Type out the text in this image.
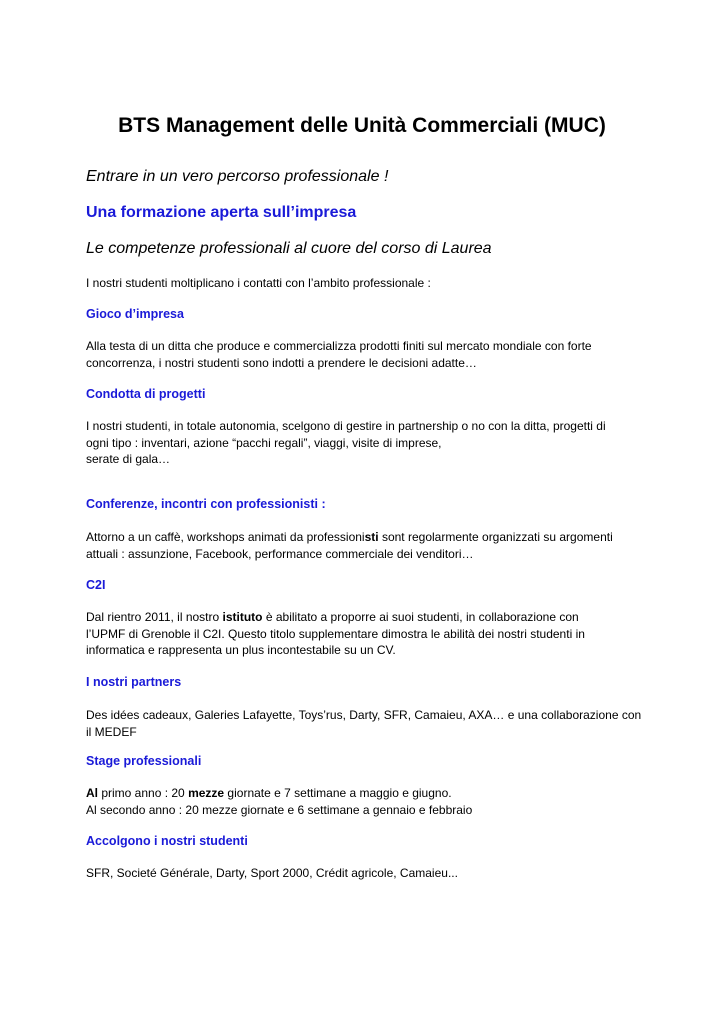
BTS Management delle Unità Commerciali (MUC)
Entrare in un vero percorso professionale !
Una formazione aperta sull’impresa
Le competenze professionali al cuore del corso di Laurea
I nostri studenti moltiplicano i contatti con l’ambito professionale :
Gioco d’impresa
Alla testa di un ditta che produce e commercializza prodotti finiti sul mercato mondiale con forte
concorrenza, i nostri studenti sono indotti a prendere le decisioni adatte…
Condotta di progetti
I nostri studenti, in totale autonomia, scelgono di gestire in partnership o no con la ditta, progetti di
ogni tipo : inventari, azione “pacchi regali”, viaggi, visite di imprese,
serate di gala…
Conferenze, incontri con professionisti :
Attorno a un caffè, workshops animati da professionisti sont regolarmente organizzati su argomenti
attuali : assunzione, Facebook, performance commerciale dei venditori…
C2I
Dal rientro 2011, il nostro istituto è abilitato a proporre ai suoi studenti, in collaborazione con
l’UPMF di Grenoble il C2I. Questo titolo supplementare dimostra le abilità dei nostri studenti in
informatica e rappresenta un plus incontestabile su un CV.
I nostri partners
Des idées cadeaux, Galeries Lafayette, Toys’rus, Darty, SFR, Camaieu, AXA… e una collaborazione con
il MEDEF
Stage professionali
Al primo anno : 20 mezze giornate e 7 settimane a maggio e giugno.
Al secondo anno : 20 mezze giornate e 6 settimane a gennaio e febbraio
Accolgono i nostri studenti
SFR, Societé Générale, Darty, Sport 2000, Crédit agricole, Camaieu...
